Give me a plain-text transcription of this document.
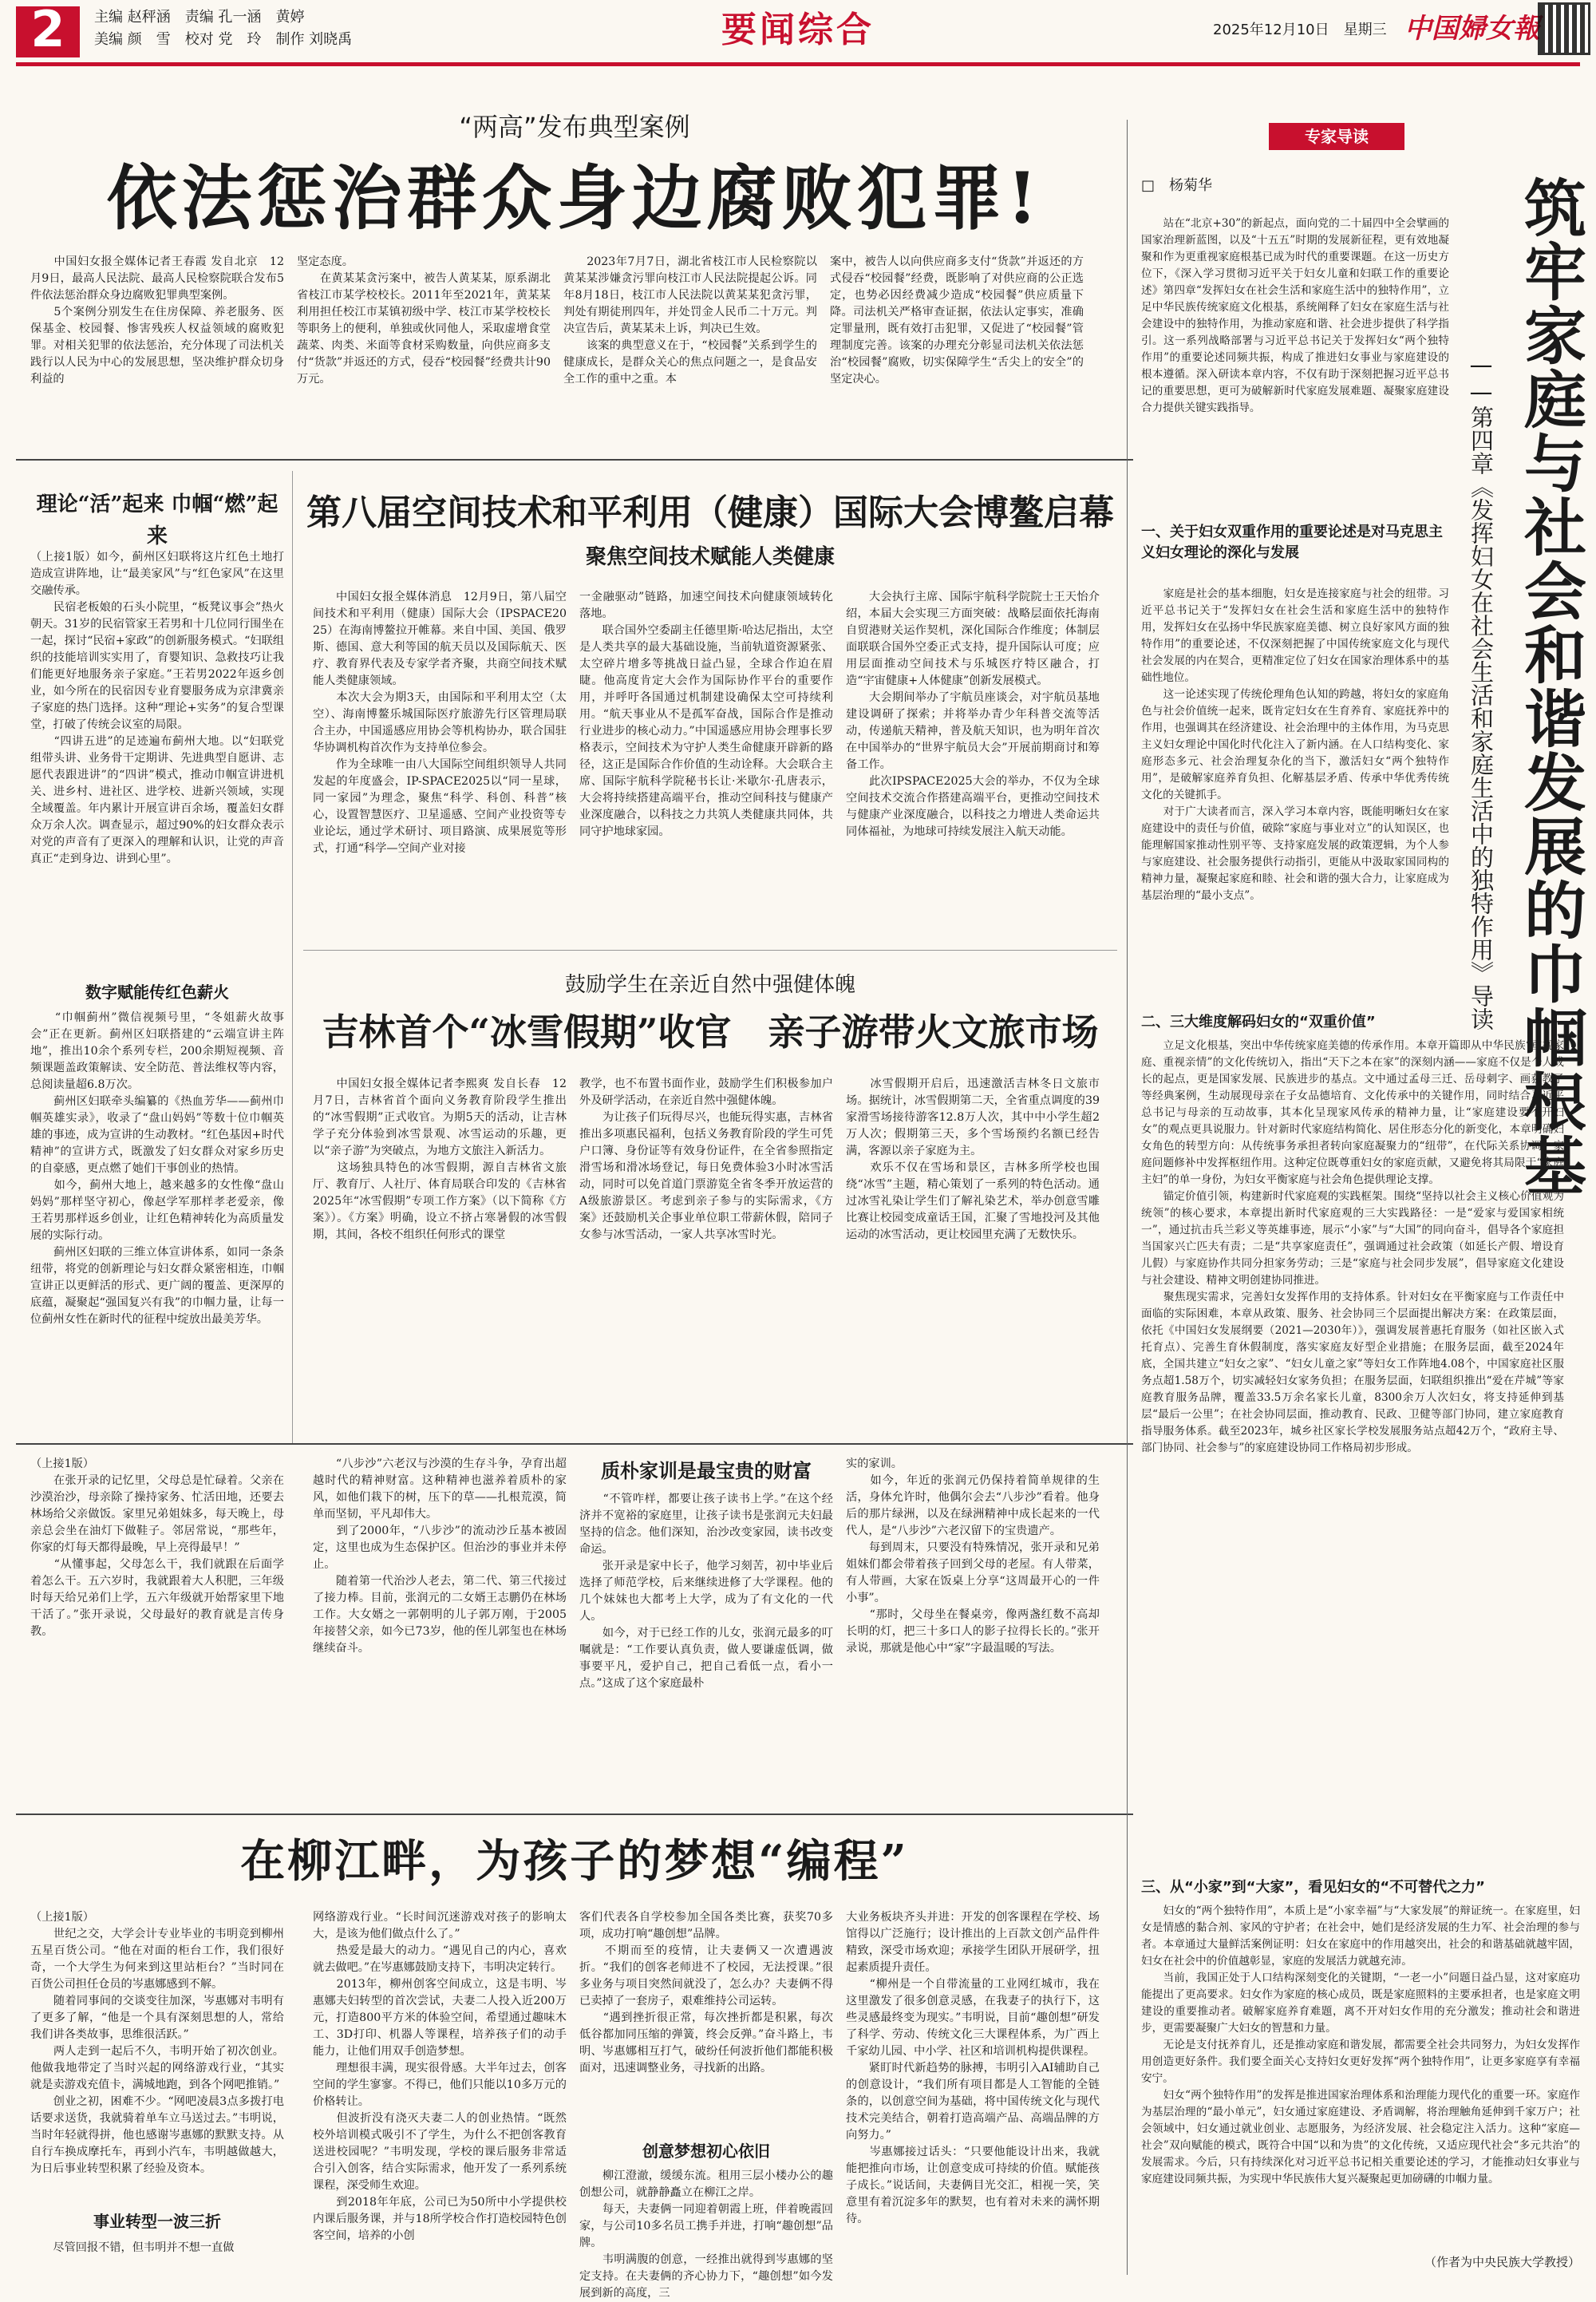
2	主编 赵秤涵　责编 孔一涵　黄婷
美编 颜　雪　校对 党　玲　制作 刘晓禹	要闻综合	2025年12月10日　星期三 中国婦女報
“两高”发布典型案例
依法惩治群众身边腐败犯罪!
　　中国妇女报全媒体记者王春霞 发自北京　12月9日，最高人民法院、最高人民检察院联合发布5件依法惩治群众身边腐败犯罪典型案例。
　　5个案例分别发生在住房保障、养老服务、医保基金、校园餐、惨害残疾人权益领域的腐败犯罪。对相关犯罪的依法惩治，充分体现了司法机关践行以人民为中心的发展思想，坚决维护群众切身利益的
坚定态度。
　　在黄某某贪污案中，被告人黄某某，原系湖北省枝江市某学校校长。2011年至2021年，黄某某利用担任校江市某镇初级中学、枝江市某学校校长等职务上的便利，单独或伙同他人，采取虚增食堂蔬菜、肉类、米面等食材采购数量，向供应商多支付“货款”并返还的方式，侵吞“校园餐”经费共计90万元。
　　2023年7月7日，湖北省枝江市人民检察院以黄某某涉嫌贪污罪向枝江市人民法院提起公诉。同年8月18日，枝江市人民法院以黄某某犯贪污罪，判处有期徒刑四年，并处罚金人民币二十万元。判决宣告后，黄某某未上诉，判决已生效。
　　该案的典型意义在于，“校园餐”关系到学生的健康成长，是群众关心的焦点问题之一，是食品安全工作的重中之重。本
案中，被告人以向供应商多支付“货款”并返还的方式侵吞“校园餐”经费，既影响了对供应商的公正选定，也势必因经费减少造成“校园餐”供应质量下降。司法机关严格审查证据，依法认定事实，准确定罪量刑，既有效打击犯罪，又促进了“校园餐”管理制度完善。该案的办理充分彰显司法机关依法惩治“校园餐”腐败，切实保障学生“舌尖上的安全”的坚定决心。
理论“活”起来 巾帼“燃”起来
（上接1版）如今，蓟州区妇联将这片红色土地打造成宣讲阵地，让“最美家风”与“红色家风”在这里交融传承。
　　民宿老板娘的石头小院里，“板凳议事会”热火朝天。31岁的民宿管家王若男和十几位同行围坐在一起，探讨“民宿+家政”的创新服务模式。“妇联组织的技能培训实实用了，育婴知识、急救技巧让我们能更好地服务亲子家庭。”王若男2022年返乡创业，如今所在的民宿因专业育婴服务成为京津冀亲子家庭的热门选择。这种“理论+实务”的复合型课堂，打破了传统会议室的局限。
　　“四讲五进”的足迹遍布蓟州大地。以“妇联党组带头讲、业务骨干定期讲、先进典型自愿讲、志愿代表跟进讲”的“四讲”模式，推动巾帼宣讲进机关、进乡村、进社区、进学校、进新兴领域，实现全域覆盖。年内累计开展宣讲百余场，覆盖妇女群众万余人次。调查显示，超过90%的妇女群众表示对党的声音有了更深入的理解和认识，让党的声音真正“走到身边、讲到心里”。
数字赋能传红色薪火
　　“巾帼蓟州”微信视频号里，“冬姐薪火故事会”正在更新。蓟州区妇联搭建的“云端宣讲主阵地”，推出10余个系列专栏，200余期短视频、音频课题盖政策解读、安全防范、普法维权等内容，总阅读量超6.8万次。
　　蓟州区妇联牵头编纂的《热血芳华——蓟州巾帼英雄实录》，收录了“盘山妈妈”等数十位巾帼英雄的事迹，成为宣讲的生动教材。“红色基因+时代精神”的宣讲方式，既激发了妇女群众对家乡历史的自豪感，更点燃了她们干事创业的热情。
　　如今，蓟州大地上，越来越多的女性像“盘山妈妈”那样坚守初心，像赵学军那样孝老爱亲，像王若男那样返乡创业，让红色精神转化为高质量发展的实际行动。
　　蓟州区妇联的三维立体宣讲体系，如同一条条纽带，将党的创新理论与妇女群众紧密相连，巾帼宣讲正以更鲜活的形式、更广阔的覆盖、更深厚的底蕴，凝聚起“强国复兴有我”的巾帼力量，让每一位蓟州女性在新时代的征程中绽放出最美芳华。
第八届空间技术和平利用（健康）国际大会博鳌启幕
聚焦空间技术赋能人类健康
　　中国妇女报全媒体消息　12月9日，第八届空间技术和平利用（健康）国际大会（IPSPACE2025）在海南博鳌拉开帷幕。来自中国、美国、俄罗斯、德国、意大利等国的航天员以及国际航天、医疗、教育界代表及专家学者齐聚，共商空间技术赋能人类健康领域。
　　本次大会为期3天，由国际和平利用太空（太空）、海南博鳌乐城国际医疗旅游先行区管理局联合主办，中国遥感应用协会等机构协办，联合国驻华协调机构首次作为支持单位参会。
　　作为全球唯一由八大国际空间组织领导人共同发起的年度盛会，IP-SPACE2025以“同一星球，同一家园”为理念，聚焦“科学、科创、科普”核心，设置智慧医疗、卫星遥感、空间产业投资等专业论坛，通过学术研讨、项目路演、成果展览等形式，打通“科学—空间产业对接
一金融驱动”链路，加速空间技术向健康领域转化落地。
　　联合国外空委副主任德里斯·哈达尼指出，太空是人类共享的最大基础设施，当前轨道资源紧张、太空碎片增多等挑战日益凸显，全球合作迫在眉睫。他高度肯定大会作为国际协作平台的重要作用，并呼吁各国通过机制建设确保太空可持续利用。“航天事业从不是孤军奋战，国际合作是推动行业进步的核心动力。”中国遥感应用协会理事长罗格表示，空间技术为守护人类生命健康开辟新的路径，这正是国际合作价值的生动诠释。大会联合主席、国际宇航科学院秘书长让·米歇尔·孔唐表示，大会将持续搭建高端平台，推动空间科技与健康产业深度融合，以科技之力共筑人类健康共同体，共同守护地球家园。
　　大会执行主席、国际宇航科学院院士王天怡介绍，本届大会实现三方面突破：战略层面依托海南自贸港财关运作契机，深化国际合作维度；体制层面联联合国外空委正式支持，提升国际认可度；应用层面推动空间技术与乐城医疗特区融合，打造“宇宙健康+人体健康”创新发展模式。
　　大会期间举办了宇航员座谈会，对宇航员基地建设调研了探索；并将举办青少年科普交流等活动，传递航天精神，普及航天知识，也为明年首次在中国举办的“世界宇航员大会”开展前期商讨和筹备工作。
　　此次IPSPACE2025大会的举办，不仅为全球空间技术交流合作搭建高端平台，更推动空间技术与健康产业深度融合，以科技之力增进人类命运共同体福祉，为地球可持续发展注入航天动能。
鼓励学生在亲近自然中强健体魄
吉林首个“冰雪假期”收官　亲子游带火文旅市场
　　中国妇女报全媒体记者李熙爽 发自长春　12月7日，吉林省首个面向义务教育阶段学生推出的“冰雪假期”正式收官。为期5天的活动，让吉林学子充分体验到冰雪景观、冰雪运动的乐趣，更以“亲子游”为突破点，为地方文旅注入新活力。
　　这场独具特色的冰雪假期，源自吉林省文旅厅、教育厅、人社厅、体育局联合印发的《吉林省2025年“冰雪假期”专项工作方案》（以下简称《方案》）。《方案》明确，设立不挤占寒暑假的冰雪假期，其间，各校不组织任何形式的课堂
教学，也不布置书面作业，鼓励学生们积极参加户外及研学活动，在亲近自然中强健体魄。
　　为让孩子们玩得尽兴，也能玩得实惠，吉林省推出多项惠民福利，包括义务教育阶段的学生可凭户口簿、身份证等有效身份证件，在全省参照指定滑雪场和滑冰场登记，每日免费体验3小时冰雪活动，同时可以免首道门票游览全省冬季开放运营的A级旅游景区。考虑到亲子参与的实际需求，《方案》还鼓励机关企事业单位职工带薪休假，陪同子女参与冰雪活动，一家人共享冰雪时光。
　　冰雪假期开启后，迅速激活吉林冬日文旅市场。据统计，冰雪假期第二天，全省重点调度的39家滑雪场接待游客12.8万人次，其中中小学生超2万人次；假期第三天，多个雪场预约名额已经告满，客源以亲子家庭为主。
　　欢乐不仅在雪场和景区，吉林多所学校也围绕“冰雪”主题，精心策划了一系列的特色活动。通过冰雪礼染让学生们了解礼染艺术，举办创意雪雕比赛让校园变成童话王国，汇聚了雪地投河及其他运动的冰雪活动，更让校园里充满了无数快乐。
（上接1版）
　　在张开录的记忆里，父母总是忙碌着。父亲在沙漠治沙，母亲除了操持家务、忙活田地，还要去林场给父亲做饭。家里兄弟姐妹多，每天晚上，母亲总会坐在油灯下做鞋子。邻居常说，“那些年，你家的灯每天都得最晚，早上亮得最早！”
　　“从懂事起，父母怎么干，我们就跟在后面学着怎么干。五六岁时，我就跟着大人积肥，三年级时每天给兄弟们上学，五六年级就开始帮家里下地干活了。”张开录说，父母最好的教育就是言传身教。
　　“八步沙”六老汉与沙漠的生存斗争，孕育出超越时代的精神财富。这种精神也滋养着质朴的家风，如他们栽下的树，压下的草——扎根荒漠，简单而坚韧，平凡却伟大。
　　到了2000年，“八步沙”的流动沙丘基本被固定，这里也成为生态保护区。但治沙的事业并未停止。
　　随着第一代治沙人老去，第二代、第三代接过了接力棒。目前，张润元的二女婿王志鹏仍在林场工作。大女婿之一郭朝明的儿子郭万刚，于2005年接替父亲，如今已73岁，他的侄儿郭玺也在林场继续奋斗。
质朴家训是最宝贵的财富
　　“不管咋样，都要让孩子读书上学。”在这个经济并不宽裕的家庭里，让孩子读书是张润元夫妇最坚持的信念。他们深知，治沙改变家园，读书改变命运。
　　张开录是家中长子，他学习刻苦，初中毕业后选择了师范学校，后来继续进修了大学课程。他的几个妹妹也大都考上大学，成为了有文化的一代人。
　　如今，对于已经工作的儿女，张润元最多的叮嘱就是：“工作要认真负责，做人要谦虚低调，做事要平凡，爱护自己，把自己看低一点，看小一点。”这成了这个家庭最朴
实的家训。
　　如今，年近的张润元仍保持着简单规律的生活，身体允许时，他偶尔会去“八步沙”看着。他身后的那片绿洲，以及在绿洲精神中成长起来的一代代人，是“八步沙”六老汉留下的宝贵遗产。
　　每到周末，只要没有特殊情况，张开录和兄弟姐妹们都会带着孩子回到父母的老屋。有人带菜，有人带画，大家在饭桌上分享“这周最开心的一件小事”。
　　“那时，父母坐在餐桌旁，像两盏红数不高却长明的灯，把三十多口人的影子拉得长长的。”张开录说，那就是他心中“家”字最温暖的写法。
在柳江畔，为孩子的梦想“编程”
（上接1版）
　　世纪之交，大学会计专业毕业的韦明竞到柳州五星百货公司。“他在对面的柜台工作，我们很好奇，一个大学生为何来到这里站柜台？”当时同在百货公司担任仓员的岑惠娜感到不解。
　　随着同事间的交谈变往加深，岑惠娜对韦明有了更多了解，“他是一个具有深刻思想的人，常给我们讲各类故事，思维很活跃。”
　　两人走到一起后不久，韦明开始了初次创业。他做我地带定了当时兴起的网络游戏行业，“其实就是卖游戏充值卡，满城地跑，到各个网吧推销。”
　　创业之初，困难不少。“网吧凌晨3点多拨打电话要求送货，我就骑着单车立马送过去。”韦明说，当时年轻就得拼，他也感谢岑惠娜的默默支持。从自行车换成摩托车，再到小汽车，韦明越做越大，为日后事业转型积累了经验及资本。
事业转型一波三折
　　尽管回报不错，但韦明并不想一直做
网络游戏行业。“长时间沉迷游戏对孩子的影响太大，是该为他们做点什么了。”
　　热爱是最大的动力。“遇见自己的内心，喜欢就去做吧。”在岑惠娜鼓励支持下，韦明决定转行。
　　2013年，柳州创客空间成立，这是韦明、岑惠娜夫妇转型的首次尝试，夫妻二人投入近200万元，打造800平方米的体验空间，希望通过趣味木工、3D打印、机器人等课程，培养孩子们的动手能力，让他们用双手创造梦想。
　　理想很丰满，现实很骨感。大半年过去，创客空间的学生寥寥。不得已，他们只能以10多万元的价格转让。
　　但波折没有浇灭夫妻二人的创业热情。“既然校外培训模式吸引不了学生，为什么不把创客教育送进校园呢？”韦明发现，学校的课后服务非常适合引入创客，结合实际需求，他开发了一系列系统课程，深受师生欢迎。
　　到2018年年底，公司已为50所中小学提供校内课后服务课，并与18所学校合作打造校园特色创客空间，培养的小创
客们代表各自学校参加全国各类比赛，获奖70多项，成功打响“趣创想”品牌。
　　不期而至的疫情，让夫妻俩又一次遭遇波折。“我们的创客老师进不了校园，无法授课。”很多业务与项目突然间就没了，怎么办？夫妻俩不得已卖掉了一套房子，艰难维持公司运转。
　　“遇到挫折很正常，每次挫折都是积累，每次低谷都加同压缩的弹簧，终会反弹。”奋斗路上，韦明、岑惠娜相互打气，破纷任何波折他们都能积极面对，迅速调整业务，寻找新的出路。
创意梦想初心依旧
　　柳江澄澈，缓缓东流。租用三层小楼办公的趣创想公司，就静静矗立在柳江之岸。
　　每天，夫妻俩一同迎着朝霞上班，伴着晚霞回家，与公司10多名员工携手并进，打响“趣创想”品牌。
　　韦明满腹的创意，一经推出就得到岑惠娜的坚定支持。在夫妻俩的齐心协力下，“趣创想”如今发展到新的高度，三
大业务板块齐头并进：开发的创客课程在学校、场馆得以广泛施行；设计推出的上百款文创产品件件精致，深受市场欢迎；承接学生团队开展研学，扭起素质提升责任。
　　“柳州是一个自带流量的工业网红城市，我在这里激发了很多创意灵感，在我妻子的执行下，这些灵感最终变为现实。”韦明说，目前“趣创想”研发了科学、劳动、传统文化三大课程体系，为广西上千家幼儿园、中小学、社区和培训机构提供课程。
　　紧盯时代新趋势的脉搏，韦明引入AI辅助自己的创意设计，“我们所有项目都是人工智能的全链条的，以创意空间为基础，将中国传统文化与现代技术完美结合，朝着打造高端产品、高端品牌的方向努力。”
　　岑惠娜接过话头：“只要他能设计出来，我就能把推向市场，让创意变成可持续的价值。赋能孩子成长。”说话间，夫妻俩目光交汇，相视一笑，笑意里有着沉淀多年的默契，也有着对未来的满怀期待。
专家导读
□　杨菊华	筑牢家庭与社会和谐发展的巾帼根基
——第四章《发挥妇女在社会生活和家庭生活中的独特作用》导读
　　站在“北京+30”的新起点，面向党的二十届四中全会擘画的国家治理新蓝图，以及“十五五”时期的发展新征程，更有效地凝聚和作为更重视家庭根基已成为时代的重要课题。在这一历史方位下，《深入学习贯彻习近平关于妇女儿童和妇联工作的重要论述》第四章“发挥妇女在社会生活和家庭生活中的独特作用”，立足中华民族传统家庭文化根基，系统阐释了妇女在家庭生活与社会建设中的独特作用，为推动家庭和谐、社会进步提供了科学指引。这一系列战略部署与习近平总书记关于发挥妇女“两个独特作用”的重要论述同频共振，构成了推进妇女事业与家庭建设的根本遵循。深入研读本章内容，不仅有助于深刻把握习近平总书记的重要思想，更可为破解新时代家庭发展难题、凝聚家庭建设合力提供关键实践指导。
一、关于妇女双重作用的重要论述是对马克思主义妇女理论的深化与发展
　　家庭是社会的基本细胞，妇女是连接家庭与社会的纽带。习近平总书记关于“发挥妇女在社会生活和家庭生活中的独特作用，发挥妇女在弘扬中华民族家庭美德、树立良好家风方面的独特作用”的重要论述，不仅深刻把握了中国传统家庭文化与现代社会发展的内在契合，更精准定位了妇女在国家治理体系中的基础性地位。
　　这一论述实现了传统伦理角色认知的跨越，将妇女的家庭角色与社会价值统一起来，既肯定妇女在生育养育、家庭抚养中的作用，也强调其在经济建设、社会治理中的主体作用，为马克思主义妇女理论中国化时代化注入了新内涵。在人口结构变化、家庭形态多元、社会治理复杂化的当下，激活妇女“两个独特作用”，是破解家庭养育负担、化解基层矛盾、传承中华优秀传统文化的关键抓手。
　　对于广大读者而言，深入学习本章内容，既能明晰妇女在家庭建设中的责任与价值，破除“家庭与事业对立”的认知误区，也能理解国家推动性别平等、支持家庭发展的政策逻辑，为个人参与家庭建设、社会服务提供行动指引，更能从中汲取家国同构的精神力量，凝聚起家庭和睦、社会和谐的强大合力，让家庭成为基层治理的“最小支点”。
二、三大维度解码妇女的“双重价值”
　　立足文化根基，突出中华传统家庭美德的传承作用。本章开篇即从中华民族“重视家庭、重视亲情”的文化传统切入，指出“天下之本在家”的深刻内涵——家庭不仅是个人成长的起点，更是国家发展、民族进步的基点。文中通过孟母三迁、岳母刺字、画荻教子等经典案例，生动展现母亲在子女品德培育、文化传承中的关键作用，同时结合习近平总书记与母亲的互动故事，其本化呈现家风传承的精神力量，让“家庭建设要不开妇女”的观点更具说服力。针对新时代家庭结构简化、居住形态分化的新变化，本章明确妇女角色的转型方向：从传统事务承担者转向家庭凝聚力的“纽带”，在代际关系协调、家庭问题修补中发挥枢纽作用。这种定位既尊重妇女的家庭贡献，又避免将其局限于“家庭主妇”的单一身份，为妇女平衡家庭与社会角色提供理论支撑。
　　锚定价值引领，构建新时代家庭观的实践框架。围绕“坚持以社会主义核心价值观为统领”的核心要求，本章提出新时代家庭观的三大实践路径：一是“爱家与爱国家相统一”，通过抗击兵兰彩义等英雄事迹，展示“小家”与“大国”的同向奋斗，倡导各个家庭担当国家兴亡匹夫有责；二是“共享家庭责任”，强调通过社会政策（如延长产假、增设育儿假）与家庭协作共同分担家务劳动；三是“家庭与社会同步发展”，倡导家庭文化建设与社会建设、精神文明创建协同推进。
　　聚焦现实需求，完善妇女发挥作用的支持体系。针对妇女在平衡家庭与工作责任中面临的实际困难，本章从政策、服务、社会协同三个层面提出解决方案：在政策层面，依托《中国妇女发展纲要（2021—2030年）》，强调发展普惠托育服务（如社区嵌入式托育点）、完善生育休假制度，落实家庭友好型企业措施；在服务层面，截至2024年底，全国共建立“妇女之家”、“妇女儿童之家”等妇女工作阵地4.08个，中国家庭社区服务点超1.58万个，切实减轻妇女家务负担；在服务层面，妇联组织推出“爱在芹城”等家庭教育服务品牌，覆盖33.5万余名家长儿童，8300余万人次妇女，将支持延伸到基层“最后一公里”；在社会协同层面，推动教育、民政、卫健等部门协同，建立家庭教育指导服务体系。截至2023年，城乡社区家长学校发展服务站点超42万个，“政府主导、部门协同、社会参与”的家庭建设协同工作格局初步形成。
三、从“小家”到“大家”，看见妇女的“不可替代之力”
　　妇女的“两个独特作用”，本质上是“小家幸福”与“大家发展”的辩证统一。在家庭里，妇女是情感的黏合剂、家风的守护者；在社会中，她们是经济发展的生力军、社会治理的参与者。本章通过大量鲜活案例证明：妇女在家庭中的作用越突出，社会的和谐基础就越牢固，妇女在社会中的价值越彰显，家庭的发展活力就越充沛。
　　当前，我国正处于人口结构深刻变化的关键期，“一老一小”问题日益凸显，这对家庭功能提出了更高要求。妇女作为家庭的核心成员，既是家庭照料的主要承担者，也是家庭文明建设的重要推动者。破解家庭养育难题，离不开对妇女作用的充分激发；推动社会和谐进步，更需要凝聚广大妇女的智慧和力量。
　　无论是支付抚养育儿，还是推动家庭和谐发展，都需要全社会共同努力，为妇女发挥作用创造更好条件。我们要全面关心支持妇女更好发挥“两个独特作用”，让更多家庭享有幸福安宁。
　　妇女“两个独特作用”的发挥是推进国家治理体系和治理能力现代化的重要一环。家庭作为基层治理的“最小单元”，妇女通过家庭建设、矛盾调解，将治理触角延伸到千家万户；社会领域中，妇女通过就业创业、志愿服务，为经济发展、社会稳定注入活力。这种“家庭—社会”双向赋能的模式，既符合中国“以和为贵”的文化传统，又适应现代社会“多元共治”的发展需求。今后，只有持续深化对习近平总书记相关重要论述的学习，才能推动妇女事业与家庭建设同频共振，为实现中华民族伟大复兴凝聚起更加磅礴的巾帼力量。
（作者为中央民族大学教授）
